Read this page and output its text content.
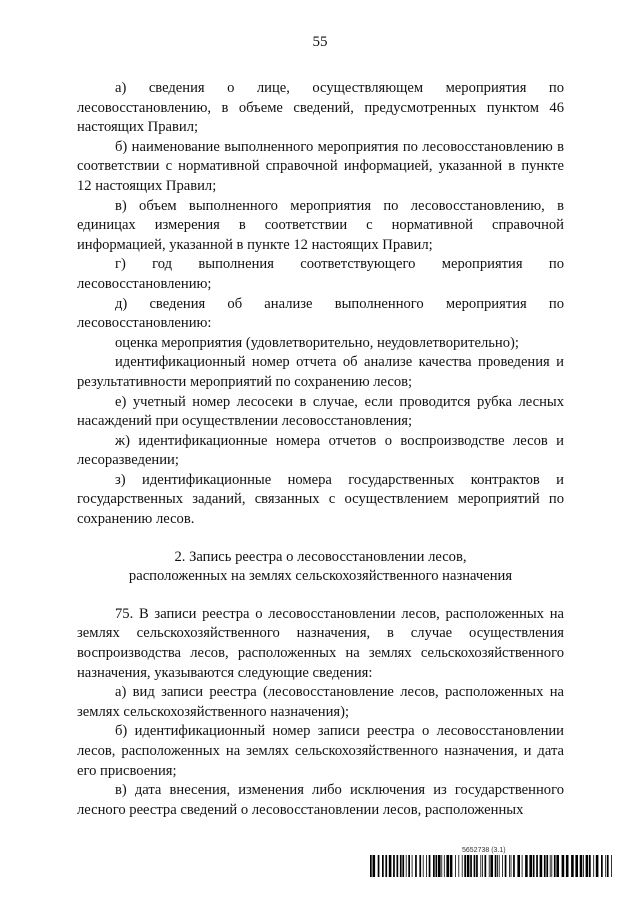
55

а) сведения о лице, осуществляющем мероприятия по лесовосстановлению, в объеме сведений, предусмотренных пунктом 46 настоящих Правил;

б) наименование выполненного мероприятия по лесовосстановлению в соответствии с нормативной справочной информацией, указанной в пункте 12 настоящих Правил;

в) объем выполненного мероприятия по лесовосстановлению, в единицах измерения в соответствии с нормативной справочной информацией, указанной в пункте 12 настоящих Правил;

г) год выполнения соответствующего мероприятия по лесовосстановлению;

д) сведения об анализе выполненного мероприятия по лесовосстановлению:

оценка мероприятия (удовлетворительно, неудовлетворительно);

идентификационный номер отчета об анализе качества проведения и результативности мероприятий по сохранению лесов;

е) учетный номер лесосеки в случае, если проводится рубка лесных насаждений при осуществлении лесовосстановления;

ж) идентификационные номера отчетов о воспроизводстве лесов и лесоразведении;

з) идентификационные номера государственных контрактов и государственных заданий, связанных с осуществлением мероприятий по сохранению лесов.

2. Запись реестра о лесовосстановлении лесов,
расположенных на землях сельскохозяйственного назначения

75. В записи реестра о лесовосстановлении лесов, расположенных на землях сельскохозяйственного назначения, в случае осуществления воспроизводства лесов, расположенных на землях сельскохозяйственного назначения, указываются следующие сведения:

а) вид записи реестра (лесовосстановление лесов, расположенных на землях сельскохозяйственного назначения);

б) идентификационный номер записи реестра о лесовосстановлении лесов, расположенных на землях сельскохозяйственного назначения, и дата его присвоения;

в) дата внесения, изменения либо исключения из государственного лесного реестра сведений о лесовосстановлении лесов, расположенных

5652738 (3.1)
